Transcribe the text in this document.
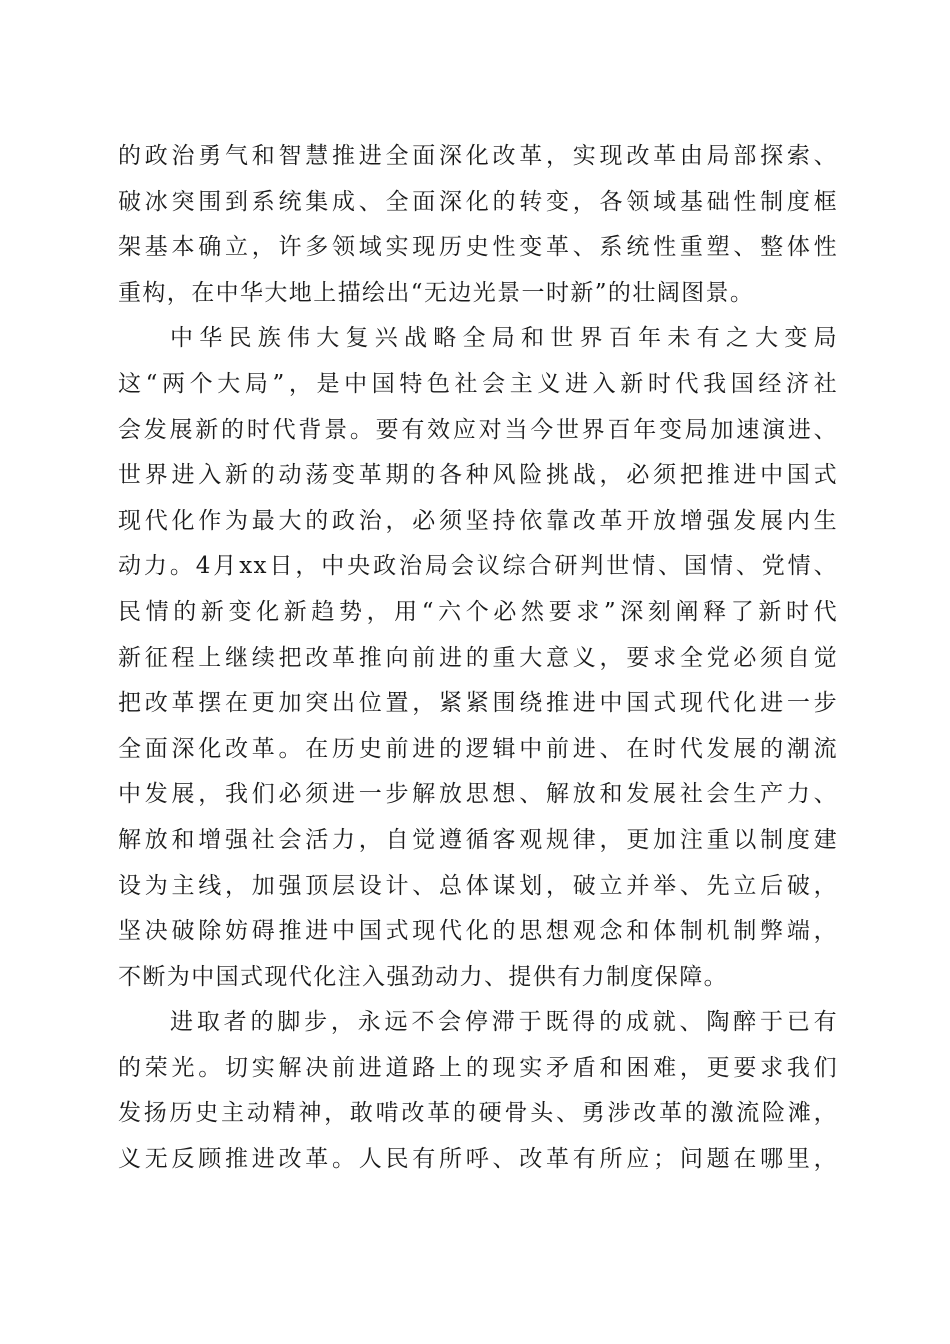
的政治勇气和智慧推进全面深化改革，实现改革由局部探索、
破冰突围到系统集成、全面深化的转变，各领域基础性制度框
架基本确立，许多领域实现历史性变革、系统性重塑、整体性
重构，在中华大地上描绘出“无边光景一时新”的壮阔图景。
中华民族伟大复兴战略全局和世界百年未有之大变局
这“两个大局”，是中国特色社会主义进入新时代我国经济社
会发展新的时代背景。要有效应对当今世界百年变局加速演进、
世界进入新的动荡变革期的各种风险挑战，必须把推进中国式
现代化作为最大的政治，必须坚持依靠改革开放增强发展内生
动力。4月xx日，中央政治局会议综合研判世情、国情、党情、
民情的新变化新趋势，用“六个必然要求”深刻阐释了新时代
新征程上继续把改革推向前进的重大意义，要求全党必须自觉
把改革摆在更加突出位置，紧紧围绕推进中国式现代化进一步
全面深化改革。在历史前进的逻辑中前进、在时代发展的潮流
中发展，我们必须进一步解放思想、解放和发展社会生产力、
解放和增强社会活力，自觉遵循客观规律，更加注重以制度建
设为主线，加强顶层设计、总体谋划，破立并举、先立后破，
坚决破除妨碍推进中国式现代化的思想观念和体制机制弊端，
不断为中国式现代化注入强劲动力、提供有力制度保障。
进取者的脚步，永远不会停滞于既得的成就、陶醉于已有
的荣光。切实解决前进道路上的现实矛盾和困难，更要求我们
发扬历史主动精神，敢啃改革的硬骨头、勇涉改革的激流险滩，
义无反顾推进改革。人民有所呼、改革有所应；问题在哪里，
